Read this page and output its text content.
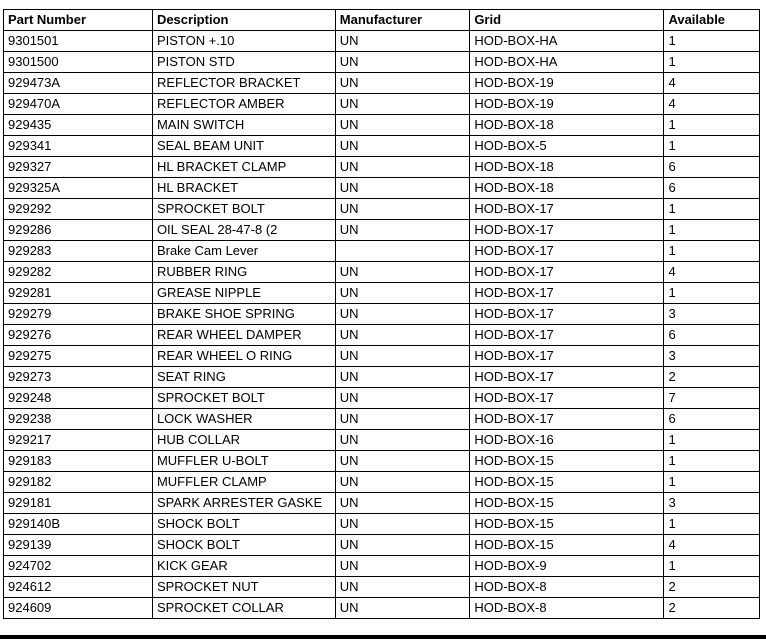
Part Number	Description	Manufacturer	Grid	Available
9301501	PISTON +.10	UN	HOD-BOX-HA	1
9301500	PISTON STD	UN	HOD-BOX-HA	1
929473A	REFLECTOR BRACKET	UN	HOD-BOX-19	4
929470A	REFLECTOR AMBER	UN	HOD-BOX-19	4
929435	MAIN SWITCH	UN	HOD-BOX-18	1
929341	SEAL BEAM UNIT	UN	HOD-BOX-5	1
929327	HL BRACKET CLAMP	UN	HOD-BOX-18	6
929325A	HL BRACKET	UN	HOD-BOX-18	6
929292	SPROCKET BOLT	UN	HOD-BOX-17	1
929286	OIL SEAL 28-47-8 (2	UN	HOD-BOX-17	1
929283	Brake Cam Lever		HOD-BOX-17	1
929282	RUBBER RING	UN	HOD-BOX-17	4
929281	GREASE NIPPLE	UN	HOD-BOX-17	1
929279	BRAKE SHOE SPRING	UN	HOD-BOX-17	3
929276	REAR WHEEL DAMPER	UN	HOD-BOX-17	6
929275	REAR WHEEL O RING	UN	HOD-BOX-17	3
929273	SEAT RING	UN	HOD-BOX-17	2
929248	SPROCKET BOLT	UN	HOD-BOX-17	7
929238	LOCK WASHER	UN	HOD-BOX-17	6
929217	HUB COLLAR	UN	HOD-BOX-16	1
929183	MUFFLER U-BOLT	UN	HOD-BOX-15	1
929182	MUFFLER CLAMP	UN	HOD-BOX-15	1
929181	SPARK ARRESTER GASKE	UN	HOD-BOX-15	3
929140B	SHOCK BOLT	UN	HOD-BOX-15	1
929139	SHOCK BOLT	UN	HOD-BOX-15	4
924702	KICK GEAR	UN	HOD-BOX-9	1
924612	SPROCKET NUT	UN	HOD-BOX-8	2
924609	SPROCKET COLLAR	UN	HOD-BOX-8	2
